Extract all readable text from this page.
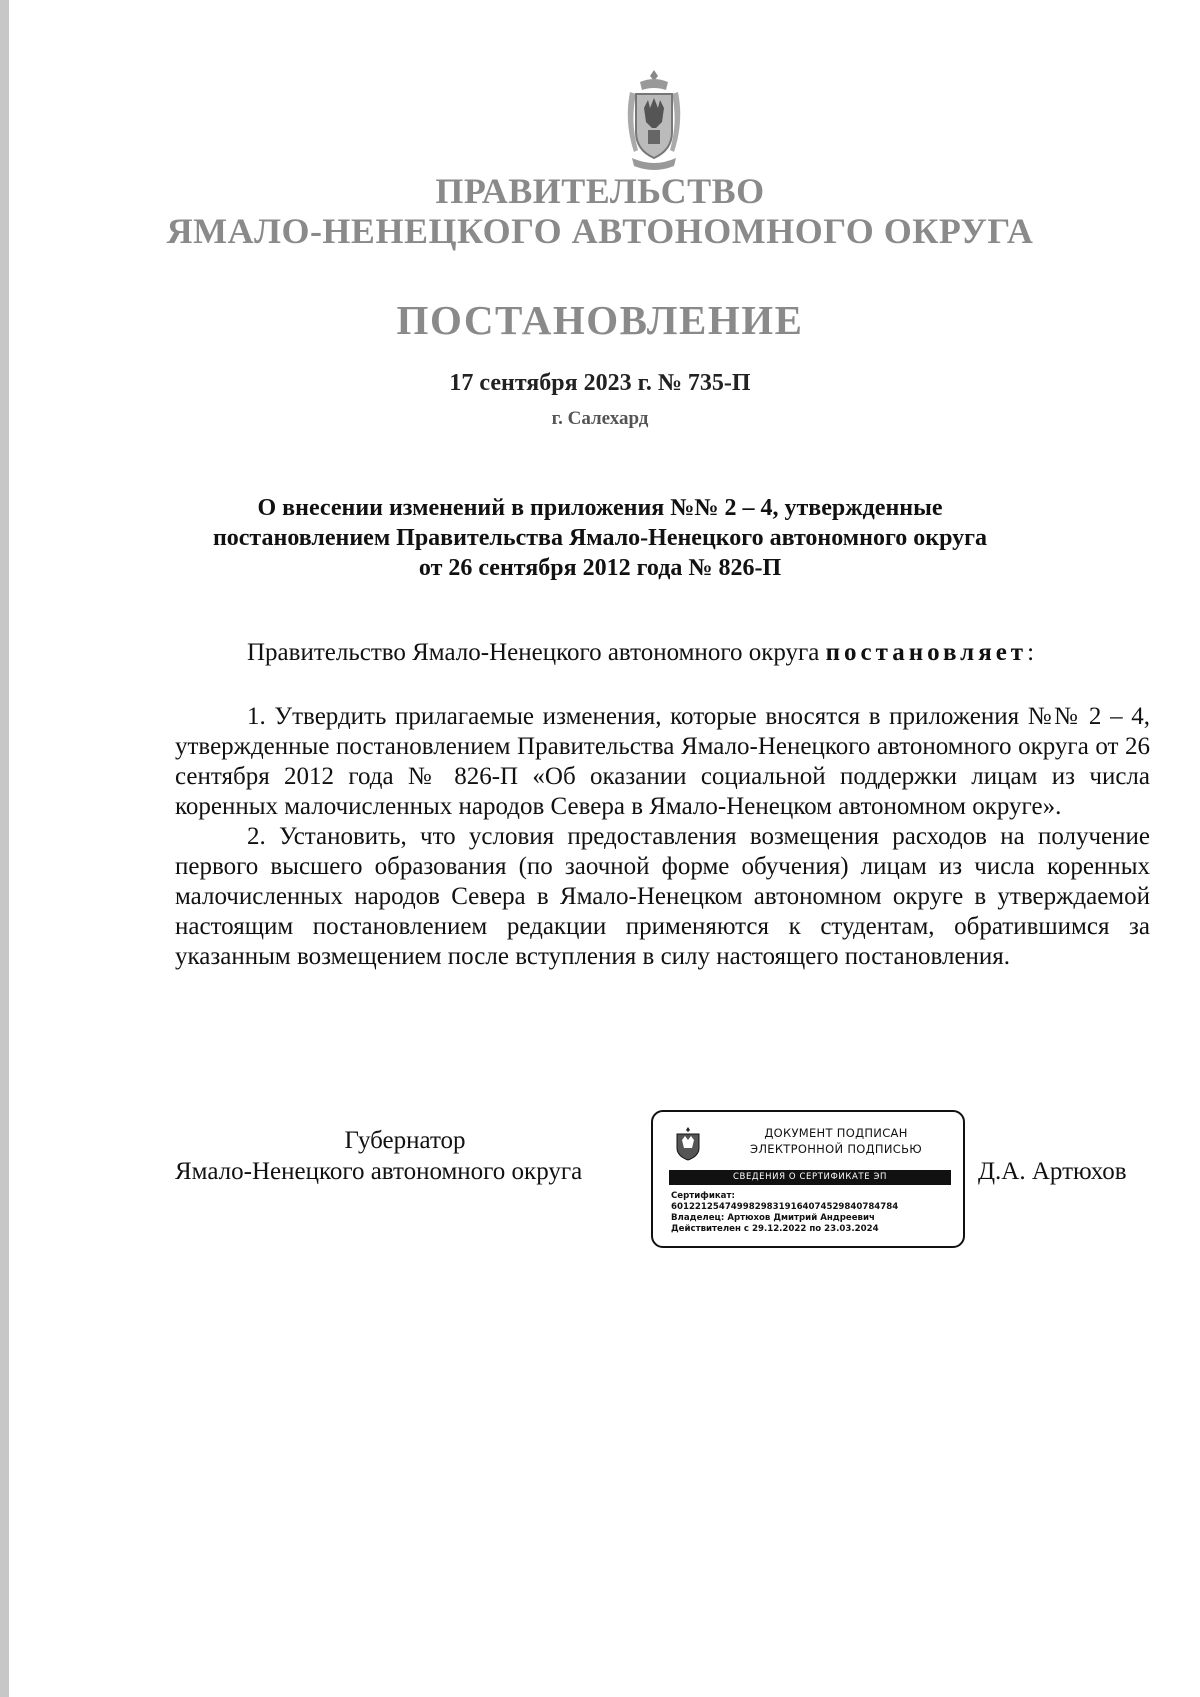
ПРАВИТЕЛЬСТВО
ЯМАЛО-НЕНЕЦКОГО АВТОНОМНОГО ОКРУГА
ПОСТАНОВЛЕНИЕ
17 сентября 2023 г. № 735-П
г. Салехард
О внесении изменений в приложения №№ 2 – 4, утвержденные
постановлением Правительства Ямало-Ненецкого автономного округа
от 26 сентября 2012 года № 826-П
Правительство Ямало-Ненецкого автономного округа постановляет:

1. Утвердить прилагаемые изменения, которые вносятся в приложения №№ 2 – 4, утвержденные постановлением Правительства Ямало-Ненецкого автономного округа от 26 сентября 2012 года № 826-П «Об оказании социальной поддержки лицам из числа коренных малочисленных народов Севера в Ямало-Ненецком автономном округе».

2. Установить, что условия предоставления возмещения расходов на получение первого высшего образования (по заочной форме обучения) лицам из числа коренных малочисленных народов Севера в Ямало-Ненецком автономном округе в утверждаемой настоящим постановлением редакции применяются к студентам, обратившимся за указанным возмещением после вступления в силу настоящего постановления.

Губернатор
Ямало-Ненецкого автономного округа	Д.А. Артюхов
ДОКУМЕНТ ПОДПИСАН
ЭЛЕКТРОННОЙ ПОДПИСЬЮ
СВЕДЕНИЯ О СЕРТИФИКАТЕ ЭП
Сертификат:
60122125474998298319164074529840784784
Владелец: Артюхов Дмитрий Андреевич
Действителен с 29.12.2022 по 23.03.2024
